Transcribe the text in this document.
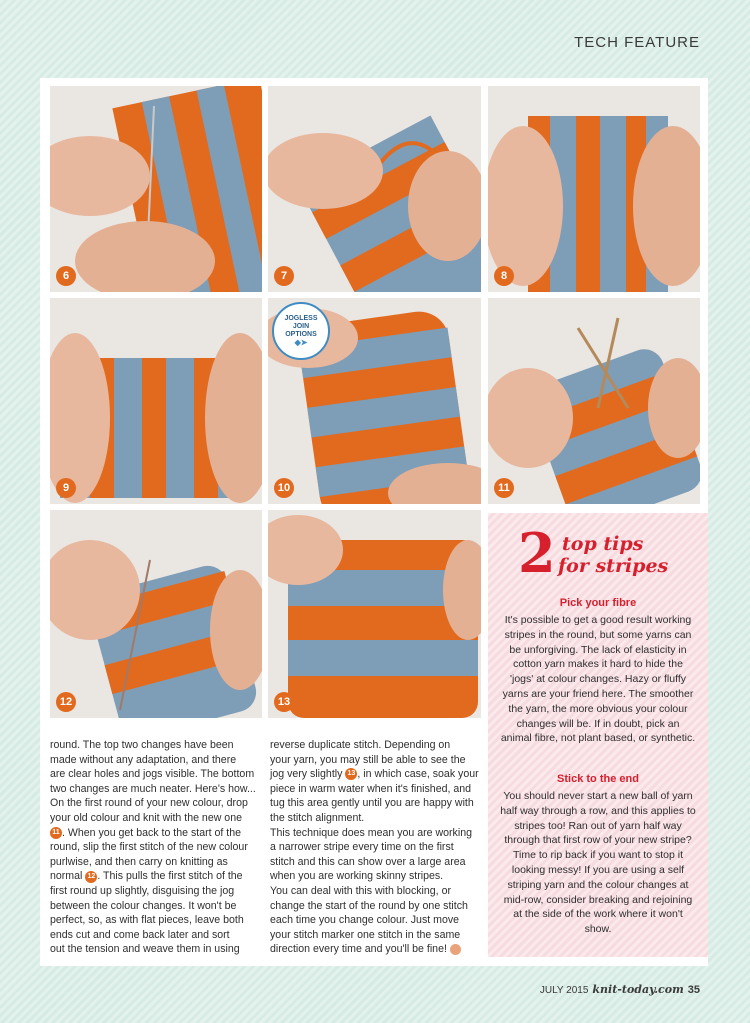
TECH FEATURE
6	7	8
9
JOGLESS
JOIN
OPTIONS
◆➤
10	11
12	13
round. The top two changes have been
made without any adaptation, and there
are clear holes and jogs visible. The bottom
two changes are much neater. Here's how...
On the first round of your new colour, drop
your old colour and knit with the new one
11 . When you get back to the start of the
round, slip the first stitch of the new colour
purlwise, and then carry on knitting as
normal 12 . This pulls the first stitch of the
first round up slightly, disguising the jog
between the colour changes. It won't be
perfect, so, as with flat pieces, leave both
ends cut and come back later and sort
out the tension and weave them in using
reverse duplicate stitch. Depending on
your yarn, you may still be able to see the
jog very slightly 13 , in which case, soak your
piece in warm water when it's finished, and
tug this area gently until you are happy with
the stitch alignment.
This technique does mean you are working
a narrower stripe every time on the first
stitch and this can show over a large area
when you are working skinny stripes.
You can deal with this with blocking, or
change the start of the round by one stitch
each time you change colour. Just move
your stitch marker one stitch in the same
direction every time and you'll be fine!
2 top tips
for stripes
Pick your fibre
It's possible to get a good result working stripes in the round, but some yarns can be unforgiving. The lack of elasticity in cotton yarn makes it hard to hide the 'jogs' at colour changes. Hazy or fluffy yarns are your friend here. The smoother the yarn, the more obvious your colour changes will be. If in doubt, pick an animal fibre, not plant based, or synthetic.
Stick to the end
You should never start a new ball of yarn half way through a row, and this applies to stripes too! Ran out of yarn half way through that first row of your new stripe? Time to rip back if you want to stop it looking messy! If you are using a self striping yarn and the colour changes at mid-row, consider breaking and rejoining at the side of the work where it won't show.
JULY 2015 knit-today.com 35
